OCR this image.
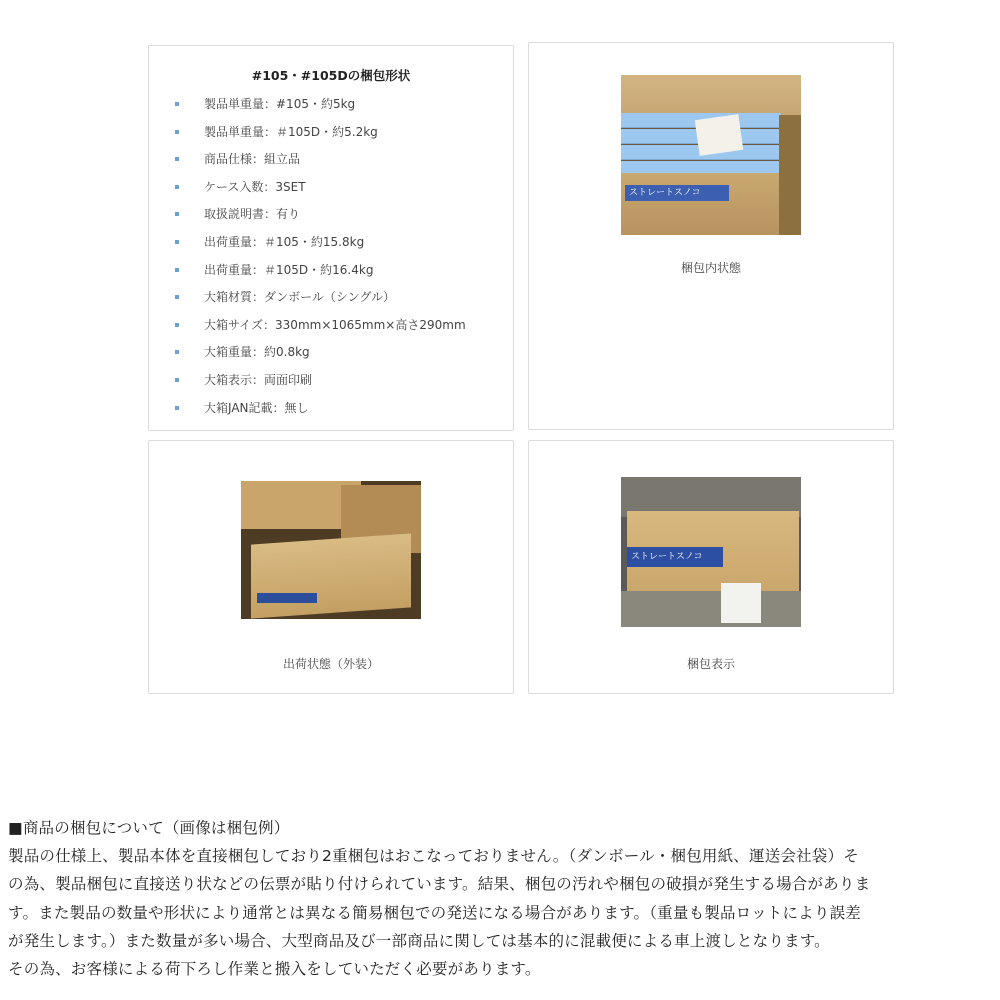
#105・#105Dの梱包形状
製品単重量：#105・約5kg
製品単重量：＃105D・約5.2kg
商品仕様：組立品
ケース入数：3SET
取扱説明書：有り
出荷重量：＃105・約15.8kg
出荷重量：＃105D・約16.4kg
大箱材質：ダンボール（シングル）
大箱サイズ：330mm×1065mm×高さ290mm
大箱重量：約0.8kg
大箱表示：両面印刷
大箱JAN記載：無し
ストレートスノコ
梱包内状態
出荷状態（外装）
ストレートスノコ
梱包表示
■商品の梱包について（画像は梱包例）
製品の仕様上、製品本体を直接梱包しており2重梱包はおこなっておりません。（ダンボール・梱包用紙、運送会社袋）そ
の為、製品梱包に直接送り状などの伝票が貼り付けられています。結果、梱包の汚れや梱包の破損が発生する場合がありま
す。また製品の数量や形状により通常とは異なる簡易梱包での発送になる場合があります。（重量も製品ロットにより誤差
が発生します。）また数量が多い場合、大型商品及び一部商品に関しては基本的に混載便による車上渡しとなります。
その為、お客様による荷下ろし作業と搬入をしていただく必要があります。
